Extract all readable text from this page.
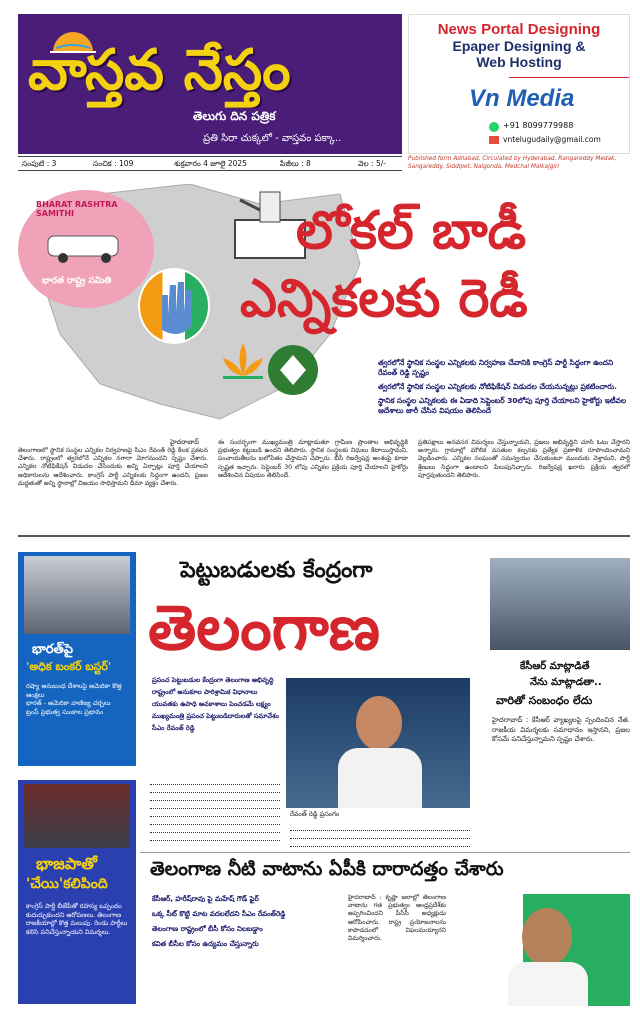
వాస్తవ నేస్తం
తెలుగు దిన పత్రిక
ప్రతి సిరా చుక్కలో - వాస్తవం పక్కా..
News Portal Designing
Epaper Designing &
Web Hosting
Vn Media
+91 8099779988
vntelugudaily@gmail.com
సంపుటి : 3	సంచిక : 109	శుక్రవారం 4 జూలై 2025	పేజీలు : 8	వెల : 5/-	Published form Adilabad, Circulated by Hyderabad, Rangareddy Medak, Sangareddy, Siddipet, Nalgonda, Medchal Malkajgiri
BHARAT RASHTRA SAMITHI
భారత రాష్ట్ర సమితి
లోకల్ బాడీ
ఎన్నికలకు రెడీ
త్వరలోనే స్థానిక సంస్థల ఎన్నికలకు నిర్వహణ చేవానికి కాంగ్రెస్ పార్టీ సిద్ధంగా ఉందని రేవంత్ రెడ్డి స్పష్టం
త్వరలోనే స్థానిక సంస్థల ఎన్నికలకు నోటిఫికేషన్ విడుదల చేయనున్నట్లు ప్రకటించారు.
స్థానిక సంస్థల ఎన్నికలకు ఈ ఏడాది సెప్టెంబర్ 30లోపు పూర్తి చేయాలని హైకోర్టు ఇటీవల ఆదేశాలు జారీ చేసిన విషయం తెలిసిందే
హైదరాబాద్
తెలంగాణలో స్థానిక సంస్థల ఎన్నికల నిర్వహణపై సీఎం రేవంత్ రెడ్డి కీలక ప్రకటన చేశారు. రాష్ట్రంలో త్వరలోనే ఎన్నికల నగారా మోగనుందని స్పష్టం చేశారు. ఎన్నికల నోటిఫికేషన్ విడుదల చేసేందుకు అన్ని ఏర్పాట్లు పూర్తి చేయాలని అధికారులను ఆదేశించారు. కాంగ్రెస్ పార్టీ ఎన్నికలకు సిద్ధంగా ఉందని, ప్రజల మద్దతుతో అన్ని స్థానాల్లో విజయం సాధిస్తామని ధీమా వ్యక్తం చేశారు.
ఈ సందర్భంగా ముఖ్యమంత్రి మాట్లాడుతూ గ్రామీణ ప్రాంతాల అభివృద్ధికి ప్రభుత్వం కట్టుబడి ఉందని తెలిపారు. స్థానిక సంస్థలకు నిధులు కేటాయిస్తామని, పంచాయతీలను బలోపేతం చేస్తామని చెప్పారు. బీసీ రిజర్వేషన్ల అంశంపై కూడా స్పష్టత ఇచ్చారు. సెప్టెంబర్ 30 లోపు ఎన్నికల ప్రక్రియ పూర్తి చేయాలని హైకోర్టు ఆదేశించిన విషయం తెలిసిందే.
ప్రతిపక్షాలు అనవసర విమర్శలు చేస్తున్నాయని, ప్రజలు అభివృద్ధిని చూసి ఓటు వేస్తారని అన్నారు. గ్రామాల్లో మౌలిక వసతుల కల్పనకు ప్రత్యేక ప్రణాళిక రూపొందించామని వెల్లడించారు. ఎన్నికల సంఘంతో సమన్వయం చేసుకుంటూ ముందుకు వెళ్తామని, పార్టీ శ్రేణులు సిద్ధంగా ఉండాలని పిలుపునిచ్చారు. రిజర్వేషన్ల ఖరారు ప్రక్రియ త్వరలో పూర్తవుతుందని తెలిపారు.
భారత్‌పై
'అధిక బంకర్ బస్టర్'
రష్యా అనుబంధ దేశాలపై అమెరికా కొత్త ఆంక్షలు
భారత్ - అమెరికా వాణిజ్య చర్చలు
ట్రంప్ ప్రభుత్వ సుంకాల ప్రభావం
భాజపాతో
'చేయి'కలిపింది
కాంగ్రెస్ పార్టీ బీజేపీతో రహస్య ఒప్పందం కుదుర్చుకుందని ఆరోపణలు. తెలంగాణ రాజకీయాల్లో కొత్త మలుపు. రెండు పార్టీలు కలిసి పనిచేస్తున్నాయని విమర్శలు.
పెట్టుబడులకు కేంద్రంగా
తెలంగాణ
ప్రపంచ పెట్టుబడుల కేంద్రంగా తెలంగాణ అభివృద్ధి
రాష్ట్రంలో అనుకూల పారిశ్రామిక విధానాలు
యువతకు ఉపాధి అవకాశాలు పెంచడమే లక్ష్యం
ముఖ్యమంత్రి ప్రపంచ పెట్టుబడిదారులతో సమావేశం
సీఎం రేవంత్ రెడ్డి
రేవంత్ రెడ్డి ప్రసంగం
కేసీఆర్ మాట్లాడితే
నేను మాట్లాడతా..
వారితో సంబంధం లేదు
హైదరాబాద్ : కేసీఆర్ వ్యాఖ్యలపై స్పందించిన నేత. రాజకీయ విమర్శలకు సమాధానం ఇస్తానని, ప్రజల కోసమే పనిచేస్తున్నామని స్పష్టం చేశారు.
తెలంగాణ నీటి వాటాను ఏపీకి దారాదత్తం చేశారు
కేసీఆర్, హరీష్‌రావు పై మహేష్ గౌడ్ ఫైర్
ఒక్క సీట్ కొట్టి మాట వదలలేదని సీఎం రేవంత్‌రెడ్డి
తెలంగాణ రాష్ట్రంలో బీసీ కోసం నిలబడ్డాం
కవిత బీసీల కోసం ఉద్యమం చేస్తున్నారు
హైదరాబాద్ : కృష్ణా జలాల్లో తెలంగాణ వాటాను గత ప్రభుత్వం ఆంధ్రప్రదేశ్‌కు అప్పగించిందని పీసీసీ అధ్యక్షుడు ఆరోపించారు. రాష్ట్ర ప్రయోజనాలను కాపాడడంలో విఫలమయ్యారని విమర్శించారు.
